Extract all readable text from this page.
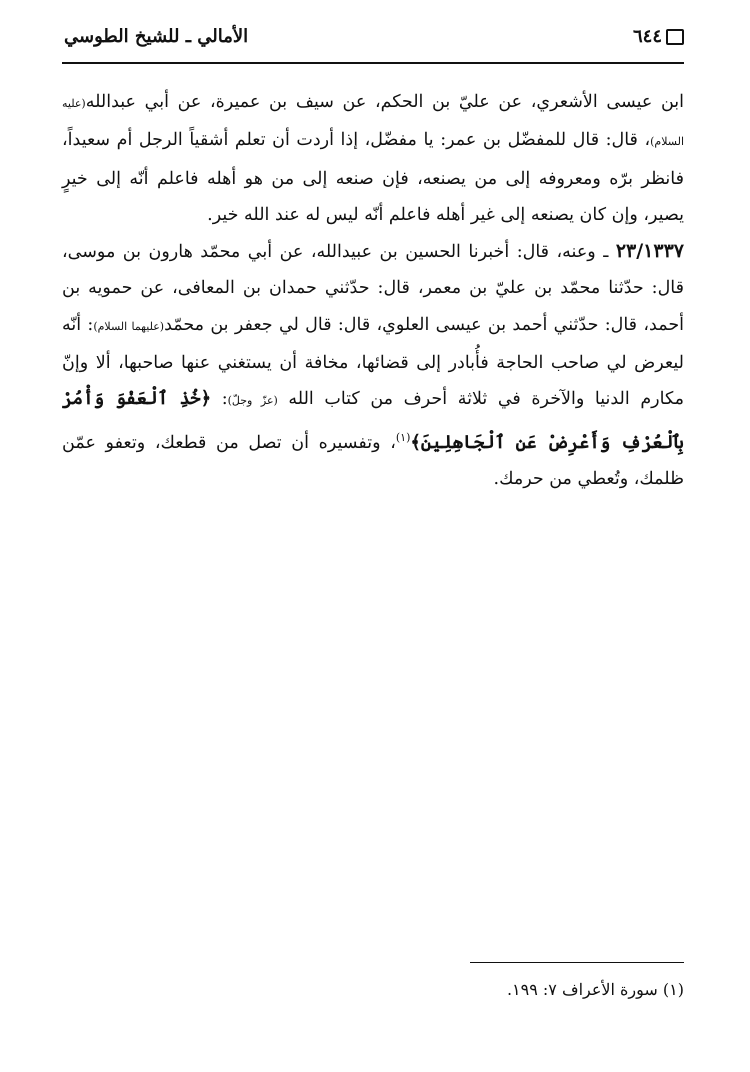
٦٤٤
الأمالي ـ للشيخ الطوسي

ابن عيسى الأشعري، عن عليّ بن الحكم، عن سيف بن عميرة، عن أبي عبدالله(عليه السلام)، قال: قال للمفضّل بن عمر: يا مفضّل، إذا أردت أن تعلم أشقياً الرجل أم سعيداً، فانظر برّه ومعروفه إلى من يصنعه، فإن صنعه إلى من هو أهله فاعلم أنّه إلى خيرٍ يصير، وإن كان يصنعه إلى غير أهله فاعلم أنّه ليس له عند الله خير.

٢٣/١٣٣٧ ـ وعنه، قال: أخبرنا الحسين بن عبيدالله، عن أبي محمّد هارون بن موسى، قال: حدّثنا محمّد بن عليّ بن معمر، قال: حدّثني حمدان بن المعافى، عن حمويه بن أحمد، قال: حدّثني أحمد بن عيسى العلوي، قال: قال لي جعفر بن محمّد(عليهما السلام): أنّه ليعرض لي صاحب الحاجة فأُبادر إلى قضائها، مخافة أن يستغني عنها صاحبها، ألا وإنّ مكارم الدنيا والآخرة في ثلاثة أحرف من كتاب الله (عزّ وجلّ): ﴿خُذِ ٱلْعَفْوَ وَأْمُرْ بِٱلْعُرْفِ وَأَعْرِضْ عَنِ ٱلْجَاهِلِينَ﴾$^{(١)}$، وتفسيره أن تصل من قطعك، وتعفو عمّن ظلمك، وتُعطي من حرمك.

(١) سورة الأعراف ٧: ١٩٩.
